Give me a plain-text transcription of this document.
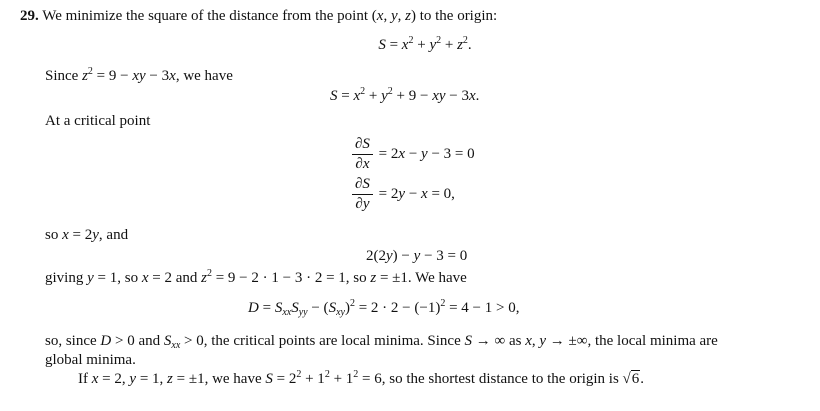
29. We minimize the square of the distance from the point (x, y, z) to the origin:
$S = x^2 + y^2 + z^2$.
Since $z^2 = 9$ − xy − 3x, we have
$S = x^2 + y^2 + 9$ − xy − 3x.
At a critical point
$\frac{\partial S}{\partial x} = 2x - y - 3 = 0$
$\frac{\partial S}{\partial y} = 2y - x = 0$,
so x = 2y, and
2(2y) − y − 3 = 0
giving y = 1, so x = 2 and $z^2 = 9 - 2 \cdot 1 - 3 \cdot 2 = 1$, so z = ±1. We have
$D = S_{xx}S_{yy} - (S_{xy})^2 = 2 \cdot 2 - (-1)^2 = 4 - 1 > 0$,
so, since D > 0 and $S_{xx} > 0$, the critical points are local minima. Since S → ∞ as x, y → ±∞, the local minima are
global minima.
If x = 2, y = 1, z = ±1, we have $S = 2^2 + 1^2 + 1^2 = 6$, so the shortest distance to the origin is √6.
